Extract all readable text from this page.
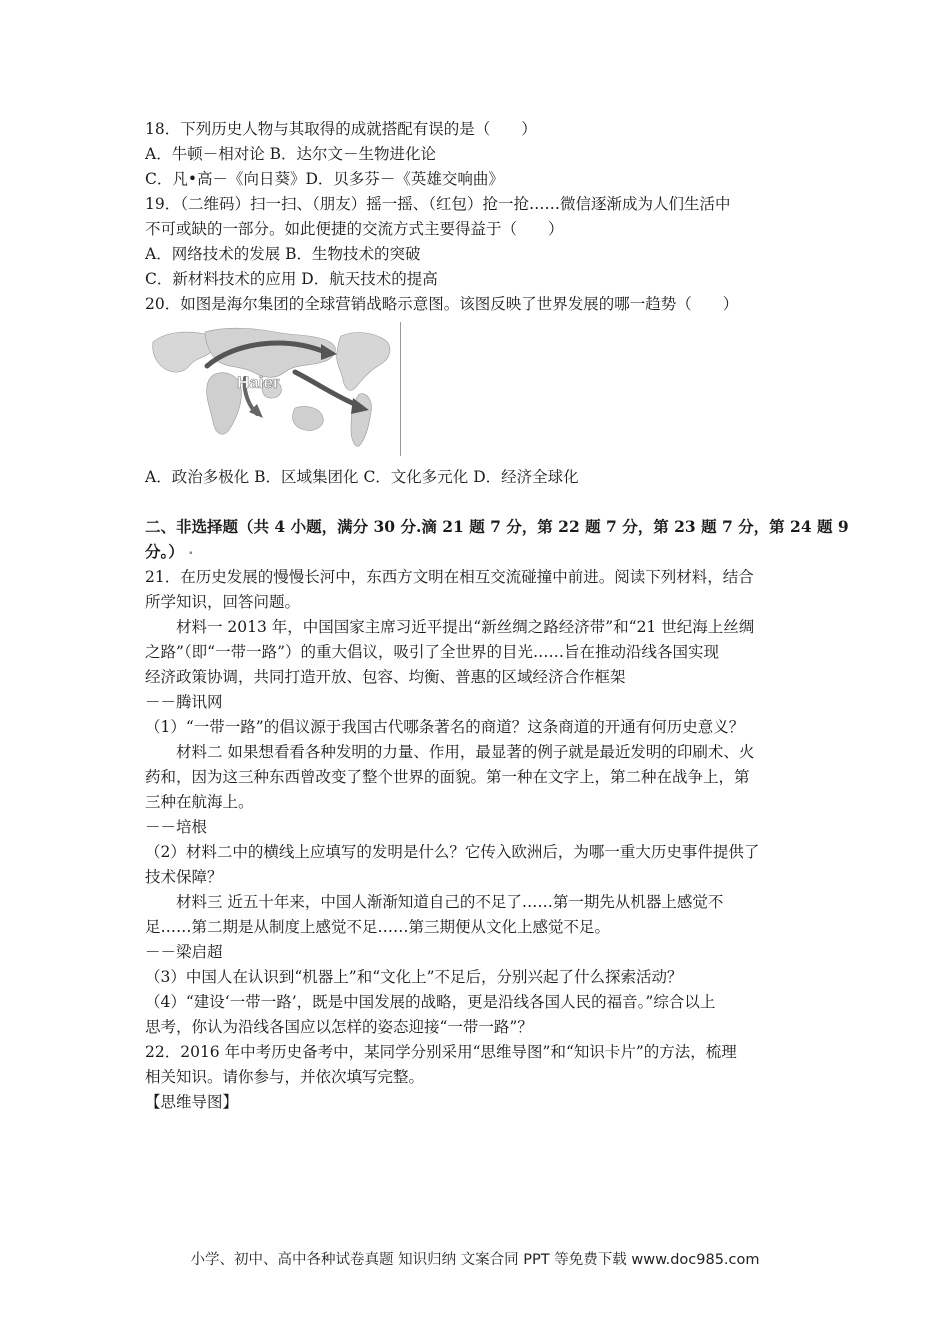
18．下列历史人物与其取得的成就搭配有误的是（　　）
A．牛顿－相对论 B．达尔文－生物进化论
C．凡•高－《向日葵》D．贝多芬－《英雄交响曲》
19．（二维码）扫一扫、（朋友）摇一摇、（红包）抢一抢……微信逐渐成为人们生活中
不可或缺的一部分。如此便捷的交流方式主要得益于（　　）
A．网络技术的发展 B．生物技术的突破
C．新材料技术的应用 D．航天技术的提高
20．如图是海尔集团的全球营销战略示意图。该图反映了世界发展的哪一趋势（　　）
Haier
A．政治多极化 B．区域集团化 C．文化多元化 D．经济全球化
二、非选择题（共 4 小题，满分 30 分.滴 21 题 7 分，第 22 题 7 分，第 23 题 7 分，第 24 题 9
分。） ▪
21．在历史发展的慢慢长河中，东西方文明在相互交流碰撞中前进。阅读下列材料，结合
所学知识，回答问题。
材料一 2013 年，中国国家主席习近平提出“新丝绸之路经济带”和“21 世纪海上丝绸
之路”（即“一带一路”）的重大倡议，吸引了全世界的目光……旨在推动沿线各国实现
经济政策协调，共同打造开放、包容、均衡、普惠的区域经济合作框架
－－腾讯网
（1）“一带一路”的倡议源于我国古代哪条著名的商道？这条商道的开通有何历史意义？
材料二 如果想看看各种发明的力量、作用，最显著的例子就是最近发明的印刷术、火
药和，因为这三种东西曾改变了整个世界的面貌。第一种在文字上，第二种在战争上，第
三种在航海上。
－－培根
（2）材料二中的横线上应填写的发明是什么？它传入欧洲后，为哪一重大历史事件提供了
技术保障？
材料三 近五十年来，中国人渐渐知道自己的不足了……第一期先从机器上感觉不
足……第二期是从制度上感觉不足……第三期便从文化上感觉不足。
－－梁启超
（3）中国人在认识到“机器上”和“文化上”不足后，分别兴起了什么探索活动？
（4）“建设‘一带一路’，既是中国发展的战略，更是沿线各国人民的福音。”综合以上
思考，你认为沿线各国应以怎样的姿态迎接“一带一路”？
22．2016 年中考历史备考中，某同学分别采用“思维导图”和“知识卡片”的方法，梳理
相关知识。请你参与，并依次填写完整。
【思维导图】
小学、初中、高中各种试卷真题 知识归纳 文案合同 PPT 等免费下载 www.doc985.com
